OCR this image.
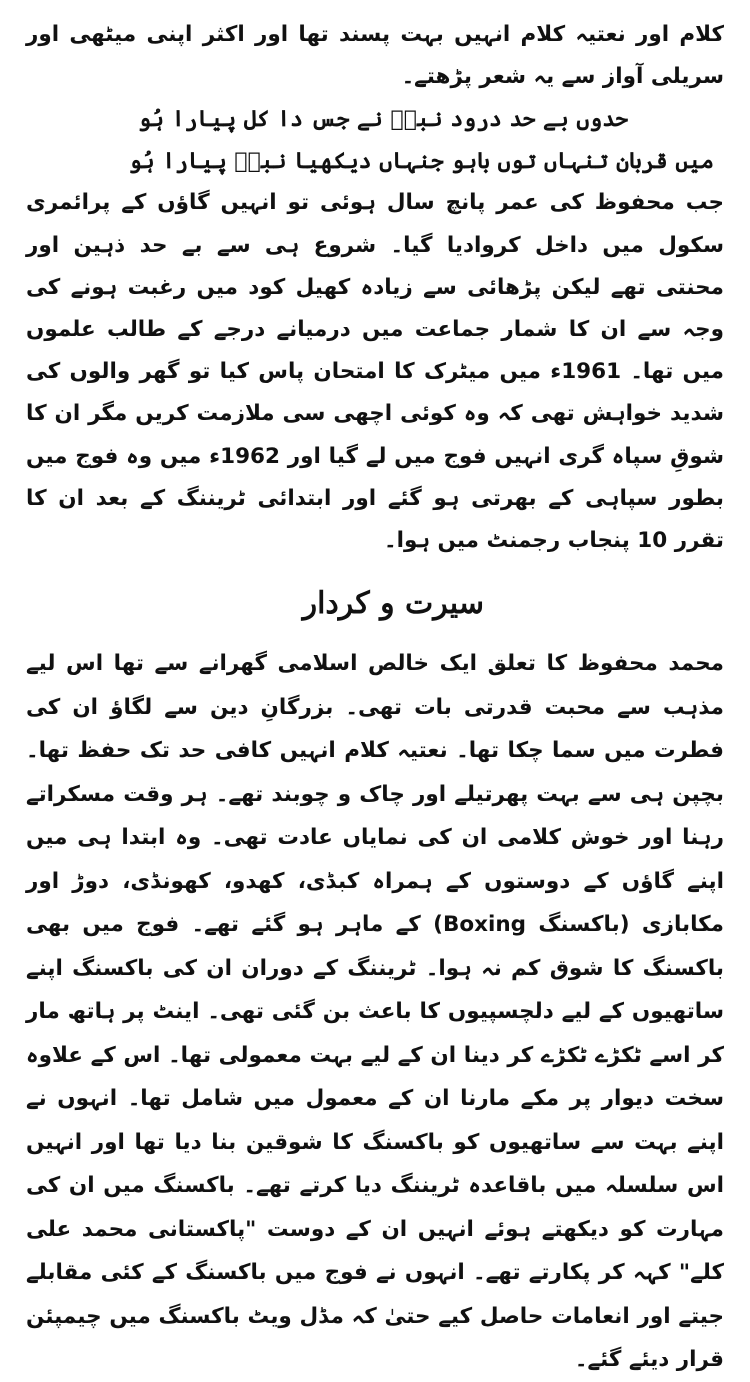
کلام اور نعتیہ کلام انہیں بہت پسند تھا اور اکثر اپنی میٹھی اور سریلی آواز سے یہ شعر پڑھتے۔

حدوں بے حد درود نبیؐ نے جس دا کل پیارا ہُو

میں قربان تنہاں توں باہو جنہاں دیکھیا نبیؐ پیارا ہُو

جب محفوظ کی عمر پانچ سال ہوئی تو انہیں گاؤں کے پرائمری سکول میں داخل کروادیا گیا۔ شروع ہی سے بے حد ذہین اور محنتی تھے لیکن پڑھائی سے زیادہ کھیل کود میں رغبت ہونے کی وجہ سے ان کا شمار جماعت میں درمیانے درجے کے طالب علموں میں تھا۔ 1961ء میں میٹرک کا امتحان پاس کیا تو گھر والوں کی شدید خواہش تھی کہ وہ کوئی اچھی سی ملازمت کریں مگر ان کا شوقِ سپاہ گری انہیں فوج میں لے گیا اور 1962ء میں وہ فوج میں بطور سپاہی کے بھرتی ہو گئے اور ابتدائی ٹریننگ کے بعد ان کا تقرر 10 پنجاب رجمنٹ میں ہوا۔

سیرت و کردار

محمد محفوظ کا تعلق ایک خالص اسلامی گھرانے سے تھا اس لیے مذہب سے محبت قدرتی بات تھی۔ بزرگانِ دین سے لگاؤ ان کی فطرت میں سما چکا تھا۔ نعتیہ کلام انہیں کافی حد تک حفظ تھا۔ بچپن ہی سے بہت پھرتیلے اور چاک و چوبند تھے۔ ہر وقت مسکراتے رہنا اور خوش کلامی ان کی نمایاں عادت تھی۔ وہ ابتدا ہی میں اپنے گاؤں کے دوستوں کے ہمراہ کبڈی، کھدو، کھونڈی، دوڑ اور مکابازی (باکسنگ Boxing) کے ماہر ہو گئے تھے۔ فوج میں بھی باکسنگ کا شوق کم نہ ہوا۔ ٹریننگ کے دوران ان کی باکسنگ اپنے ساتھیوں کے لیے دلچسپیوں کا باعث بن گئی تھی۔ اینٹ پر ہاتھ مار کر اسے ٹکڑے ٹکڑے کر دینا ان کے لیے بہت معمولی تھا۔ اس کے علاوہ سخت دیوار پر مکے مارنا ان کے معمول میں شامل تھا۔ انہوں نے اپنے بہت سے ساتھیوں کو باکسنگ کا شوقین بنا دیا تھا اور انہیں اس سلسلہ میں باقاعدہ ٹریننگ دیا کرتے تھے۔ باکسنگ میں ان کی مہارت کو دیکھتے ہوئے انہیں ان کے دوست "پاکستانی محمد علی کلے" کہہ کر پکارتے تھے۔ انہوں نے فوج میں باکسنگ کے کئی مقابلے جیتے اور انعامات حاصل کیے حتیٰ کہ مڈل ویٹ باکسنگ میں چیمپئن قرار دیئے گئے۔
